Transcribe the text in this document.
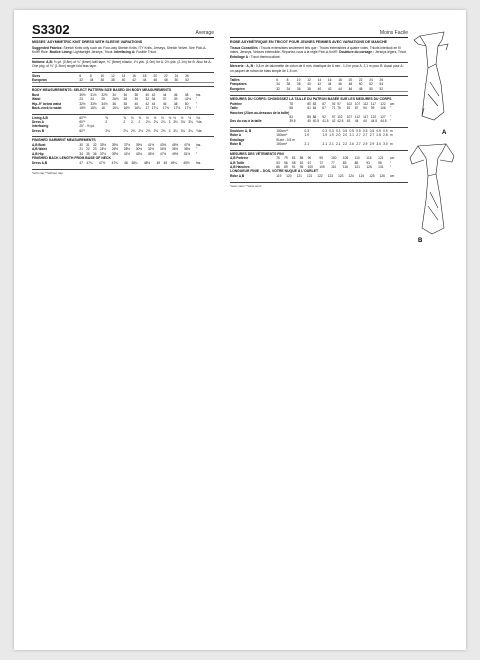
S3302	Average
MISSES' ASYMMETRIC KNIT DRESS WITH SLEEVE VARIATIONS
Suggested Fabrics: Stretch Knits only such as: Four-way Stretch Knits, ITY Knits, Jerseys, Stretch Velvet. See Pick-A-Knit® Rule. Bodice Lining: Lightweight Jerseys, Tricot. Interfacing A: Fusible Tricot.
Notions: A,B: ⅜ yd. (0.8m) of ¼" (6mm) twill tape, ⅜" (6mm) elastic; 1⅛ yds. (1.0m) for A, 2⅛ yds. (2.1m) for B. Also for A: One pkg. of ⅜" (1.5cm) single fold bias tape.
Sizes	6	8	10	12	14	16	18	20	22	24	26	
European	32	34	36	38	40	42	44	46	48	50	52	
BODY MEASUREMENTS: SELECT PATTERN SIZE BASED ON BODY MEASUREMENTS
Bust	30½	31½	32½	34	36	38	40	42	44	46	48	Ins.
Waist	23	24	25	26½	28	30	32	34	37	39	41½	"
Hip–9" below waist	32½	33½	34½	36	38	40	42	44	46	48	50	"
Back–neck to waist	15½	15¾	16	16¼	16½	16¾	17	17¼	17⅜	17½	17¾	"
Lining A,B	60"**	⅝	⅝	⅝	⅝	½	½	½	½	½	½	½	Yd.
Dress A	60"*	2	2	2	2	2¼	2¼	2¼	3	3⅛	3⅛	3⅛	Yds.
Interfacing	20" - ½ yd.												
Dress B	60"*	2⅛	2⅛	2⅛	2⅛	2⅛	2⅛	2⅛	3	3¼	3¼	3¼	Yds.
FINISHED GARMENT MEASUREMENTS
A,B Bust	30	31	32	33½	35½	37½	39½	41½	43½	45½	47½	Ins.
A,B Waist	21	22	23	24½	26½	28½	30½	32½	34½	36½	38½	"
A,B Hip	34	35	36	37½	39½	41½	43½	45½	47½	49½	51½	"
FINISHED BACK LENGTH FROM BASE OF NECK
Dress A,B	47	47¼	47½	47¾	48	48¼	48½	49	49	49¼	49½	Ins.
*with nap **without nap
Moins Facile
ROBE ASYMÉTRIQUE EN TRICOT POUR JEUNES FEMMES AVEC VARIATIONS DE MANCHE
Tissus Conseillés : Tricots extensibles seulement tels que : Tricots extensibles à quatre voies, Tricots interlock en fil inters, Jerseys, Velours extensible. Reportez-vous à la règle Pick-A-Knit®. Doublure du corsage : Jerseys légers, Tricot. Entoilage A : Tricot thermocollant.
Mercerie : A, B : 0,8 m de talonnette de coton de 6 mm, élastique de 6 mm : 1,0 m pour A, 2,1 m pour B. Aussi pour A : un paquet de ruban de biais simple de 1,5 cm.
Tailles	6	8	10	12	14	16	18	20	22	24	26	
Françaises	34	36	38	40	42	44	46	48	50	52	54	
Européen	32	34	36	38	40	42	44	46	48	50	52	
MESURES DU CORPS: CHOISISSEZ LA TAILLE DU PATRON BASÉE SUR LES MESURES DU CORPS
Poitrine	78	80	83	87	92	97	102	107	112	117	122	cm
Taille	58	61	64	67	71	76	81	87	94	99	106	"
Hanches (23cm au-dessous de la taille)												
	83	85	88	92	97	102	107	112	117	122	127	"
Dos du cou à la taille	39.5	40	40.5	41.5	42	42.5	43	44	44	44.5	44.5	"
Doublure A, B	150cm**	0.3	0.3	0.3	0.3	0.5	0.5	0.5	0.5	0.5	0.5	0.5	m
Robe A	150cm*	1.9	1.9	1.9	2.0	2.0	2.1	2.7	2.7	2.7	2.8	2.8	m
Entoilage	51cm - 0.5 m												
Robe B	150cm*	2.1	2.1	2.1	2.1	2.2	2.6	2.7	2.9	2.9	3.0	3.0	m
MESURES DES VÊTEMENTS FINI
A,B Poitrine	76	79	81	85	90	95	100	105	110	116	121	cm
A,B Taille	53	56	58	62	67	72	77	83	88	93	98	"
A,B Hanches	86	89	91	95	100	105	110	116	121	126	131	"
LONGUEUR FINIE – DOS, VOTRE NUQUE À L'OURLET
Robe A,B	119	120	121	121	122	123	123	124	124	125	126	cm
*avec sens **sans sens
A
B
